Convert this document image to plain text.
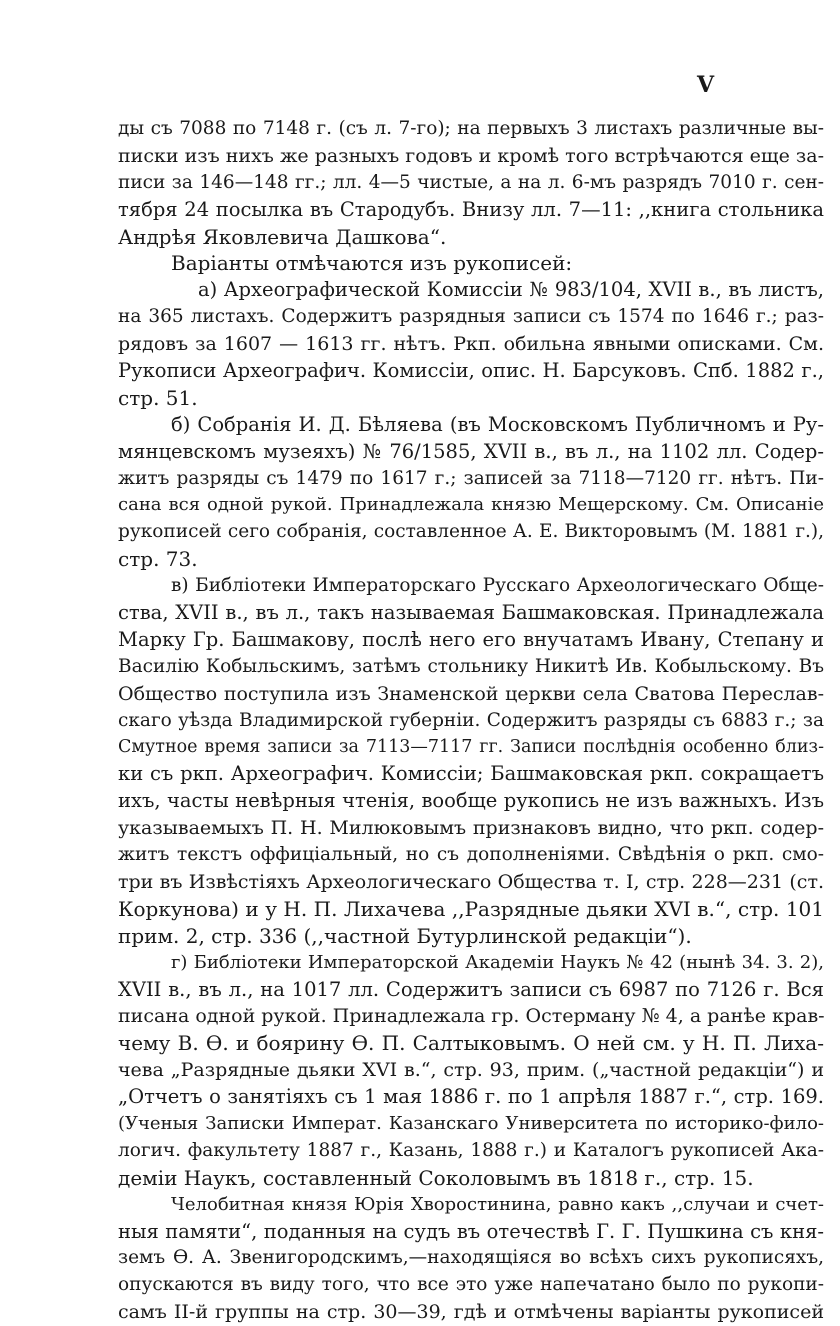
V
ды съ 7088 по 7148 г. (съ л. 7-го); на первыхъ 3 листахъ различные вы-
писки изъ нихъ же разныхъ годовъ и кромѣ того встрѣчаются еще за-
писи за 146—148 гг.; лл. 4—5 чистые, а на л. 6-мъ разрядъ 7010 г. сен-
тября 24 посылка въ Стародубъ. Внизу лл. 7—11: ,,книга стольника
Андрѣя Яковлевича Дашкова“.
Варіанты отмѣчаются изъ рукописей:
а) Археографической Комиссіи № 983/104, XVII в., въ листъ,
на 365 листахъ. Содержитъ разрядныя записи съ 1574 по 1646 г.; раз-
рядовъ за 1607 — 1613 гг. нѣтъ. Ркп. обильна явными описками. См.
Рукописи Археографич. Комиссіи, опис. Н. Барсуковъ. Спб. 1882 г.,
стр. 51.
б) Собранія И. Д. Бѣляева (въ Московскомъ Публичномъ и Ру-
мянцевскомъ музеяхъ) № 76/1585, XVII в., въ л., на 1102 лл. Содер-
житъ разряды съ 1479 по 1617 г.; записей за 7118—7120 гг. нѣтъ. Пи-
сана вся одной рукой. Принадлежала князю Мещерскому. См. Описаніе
рукописей сего собранія, составленное А. Е. Викторовымъ (М. 1881 г.),
стр. 73.
в) Библіотеки Императорскаго Русскаго Археологическаго Обще-
ства, XVII в., въ л., такъ называемая Башмаковская. Принадлежала
Марку Гр. Башмакову, послѣ него его внучатамъ Ивану, Степану и
Василію Кобыльскимъ, затѣмъ стольнику Никитѣ Ив. Кобыльскому. Въ
Общество поступила изъ Знаменской церкви села Сватова Переслав-
скаго уѣзда Владимирской губерніи. Содержитъ разряды съ 6883 г.; за
Смутное время записи за 7113—7117 гг. Записи послѣднія особенно близ-
ки съ ркп. Археографич. Комиссіи; Башмаковская ркп. сокращаетъ
ихъ, часты невѣрныя чтенія, вообще рукопись не изъ важныхъ. Изъ
указываемыхъ П. Н. Милюковымъ признаковъ видно, что ркп. содер-
житъ текстъ оффиціальный, но съ дополненіями. Свѣдѣнія о ркп. смо-
три въ Извѣстіяхъ Археологическаго Общества т. I, стр. 228—231 (ст.
Коркунова) и у Н. П. Лихачева ,,Разрядные дьяки XVI в.“, стр. 101
прим. 2, стр. 336 (,,частной Бутурлинской редакціи“).
г) Библіотеки Императорской Академіи Наукъ № 42 (нынѣ 34. 3. 2),
XVII в., въ л., на 1017 лл. Содержитъ записи съ 6987 по 7126 г. Вся
писана одной рукой. Принадлежала гр. Остерману № 4, а ранѣе крав-
чему В. Ѳ. и боярину Ѳ. П. Салтыковымъ. О ней см. у Н. П. Лиха-
чева „Разрядные дьяки XVI в.“, стр. 93, прим. („частной редакціи“) и
„Отчетъ о занятіяхъ съ 1 мая 1886 г. по 1 апрѣля 1887 г.“, стр. 169.
(Ученыя Записки Императ. Казанскаго Университета по историко-фило-
логич. факультету 1887 г., Казань, 1888 г.) и Каталогъ рукописей Ака-
деміи Наукъ, составленный Соколовымъ въ 1818 г., стр. 15.
Челобитная князя Юрія Хворостинина, равно какъ ,,случаи и счет-
ныя памяти“, поданныя на судъ въ отечествѣ Г. Г. Пушкина съ кня-
земъ Ѳ. А. Звенигородскимъ,—находящіяся во всѣхъ сихъ рукописяхъ,
опускаются въ виду того, что все это уже напечатано было по рукопи-
самъ II-й группы на стр. 30—39, гдѣ и отмѣчены варіанты рукописей
